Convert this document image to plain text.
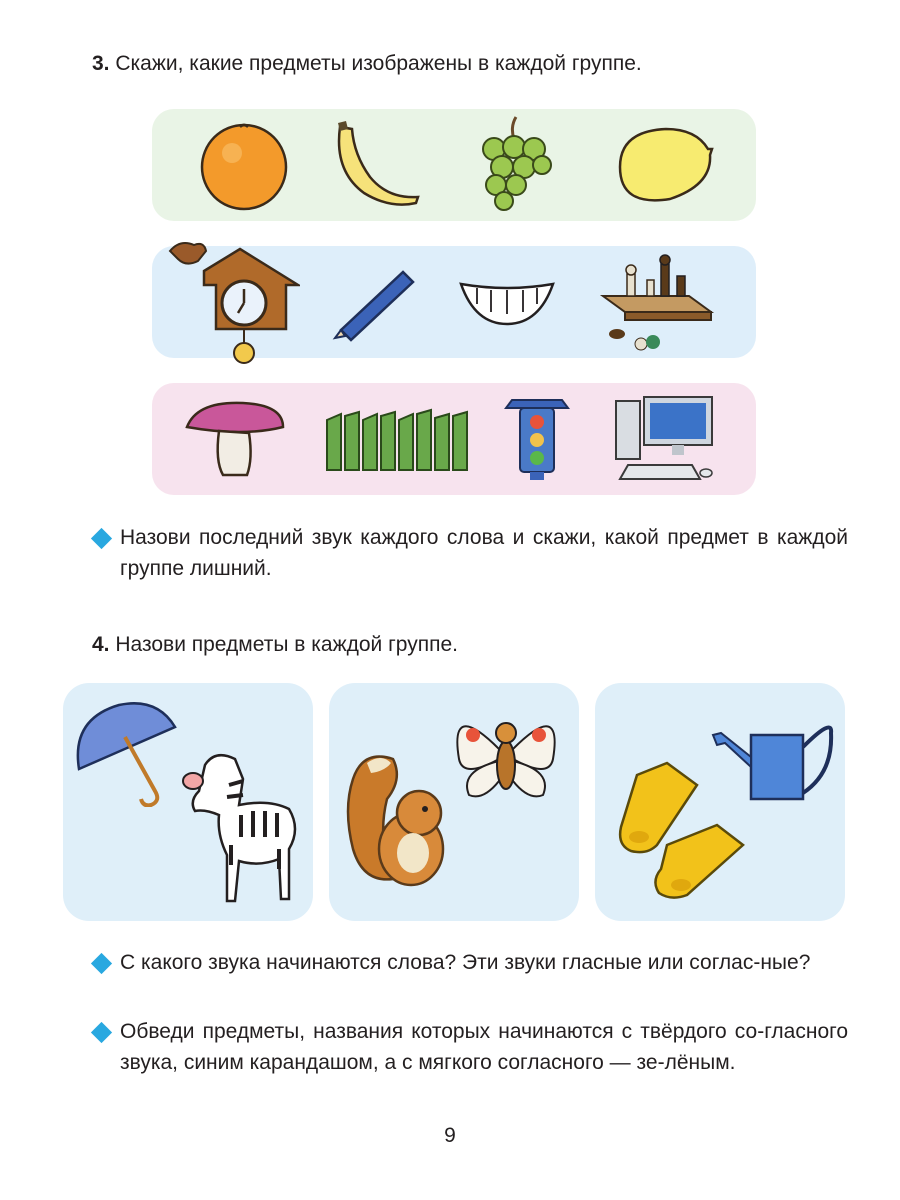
3. Скажи, какие предметы изображены в каждой группе.
Назови последний звук каждого слова и скажи, какой предмет в каждой группе лишний.
4. Назови предметы в каждой группе.
С какого звука начинаются слова? Эти звуки гласные или соглас-ные?
Обведи предметы, названия которых начинаются с твёрдого со-гласного звука, синим карандашом, а с мягкого согласного — зе-лёным.
9
